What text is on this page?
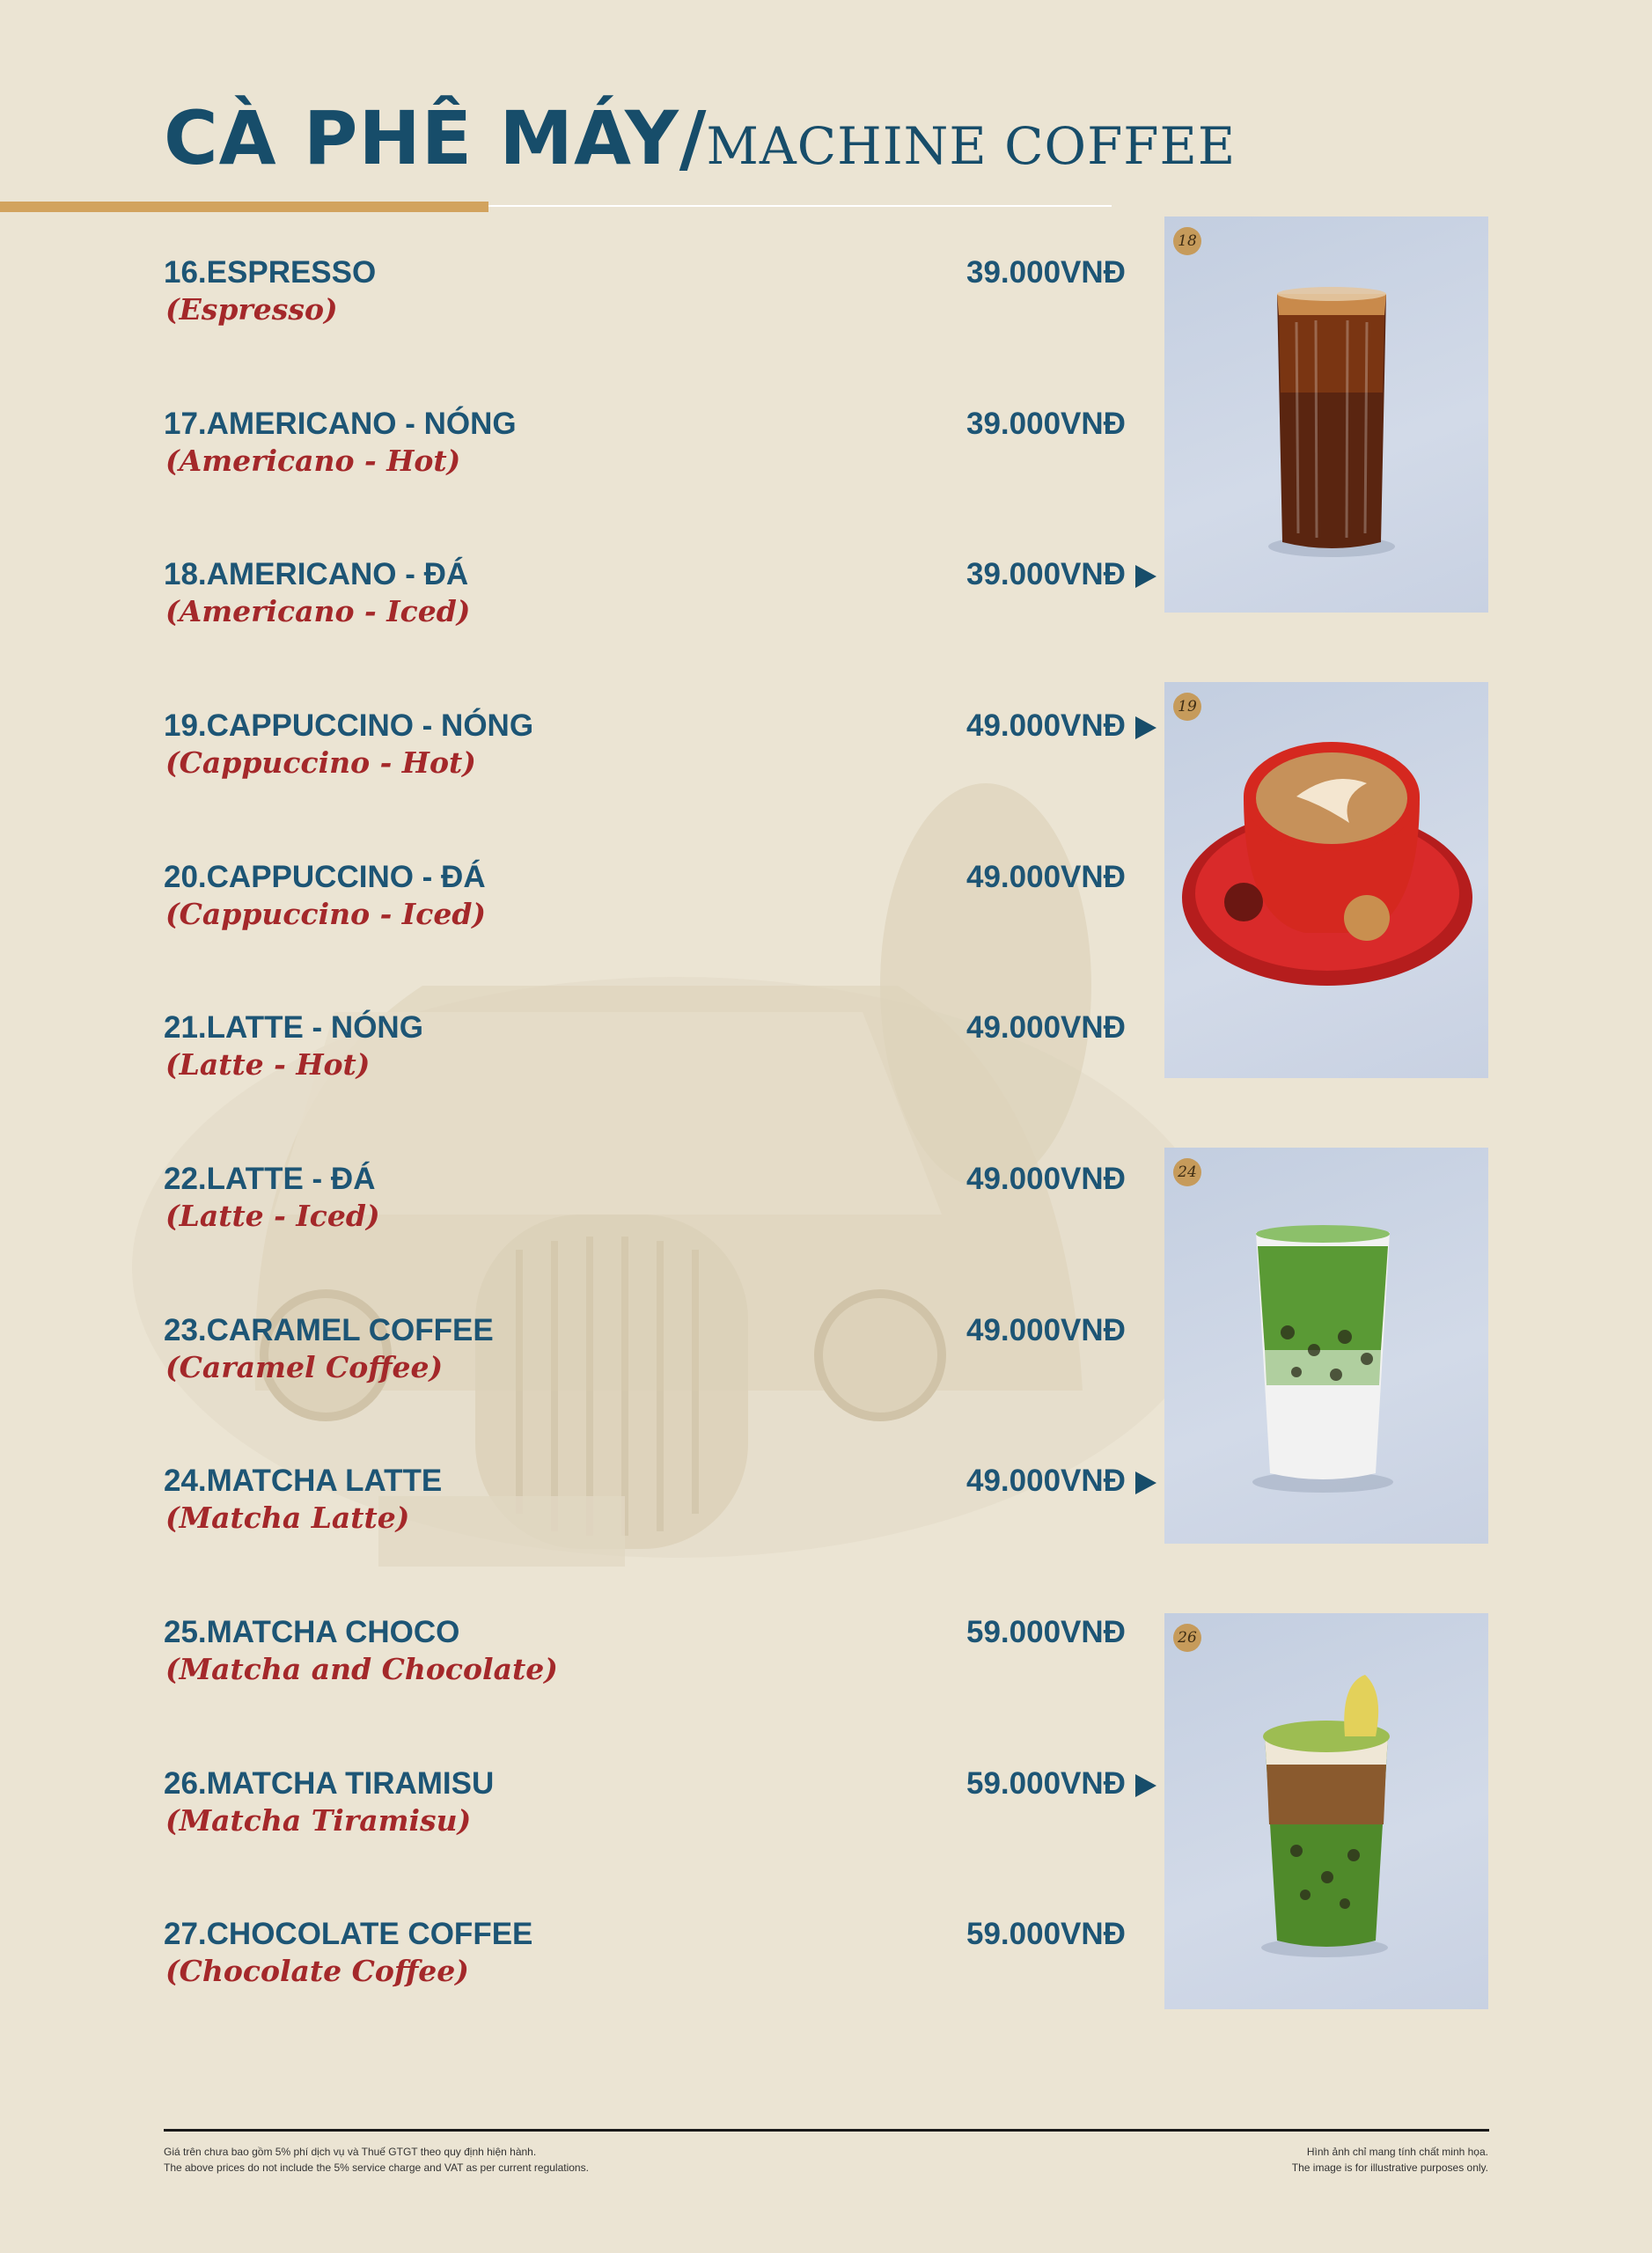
CÀ PHÊ MÁY/MACHINE COFFEE
16.ESPRESSO
(Espresso)
39.000VNĐ
17.AMERICANO - NÓNG
(Americano - Hot)
39.000VNĐ
18.AMERICANO - ĐÁ
(Americano - Iced)
39.000VNĐ
19.CAPPUCCINO - NÓNG
(Cappuccino - Hot)
49.000VNĐ
20.CAPPUCCINO - ĐÁ
(Cappuccino - Iced)
49.000VNĐ
21.LATTE - NÓNG
(Latte - Hot)
49.000VNĐ
22.LATTE - ĐÁ
(Latte - Iced)
49.000VNĐ
23.CARAMEL COFFEE
(Caramel Coffee)
49.000VNĐ
24.MATCHA LATTE
(Matcha Latte)
49.000VNĐ
25.MATCHA CHOCO
(Matcha and Chocolate)
59.000VNĐ
26.MATCHA TIRAMISU
(Matcha Tiramisu)
59.000VNĐ
27.CHOCOLATE COFFEE
(Chocolate Coffee)
59.000VNĐ
18
19
24
26
Giá trên chưa bao gồm 5% phí dịch vụ và Thuế GTGT theo quy định hiện hành.
The above prices do not include the 5% service charge and VAT as per current regulations.
Hình ảnh chỉ mang tính chất minh họa.
The image is for illustrative purposes only.
